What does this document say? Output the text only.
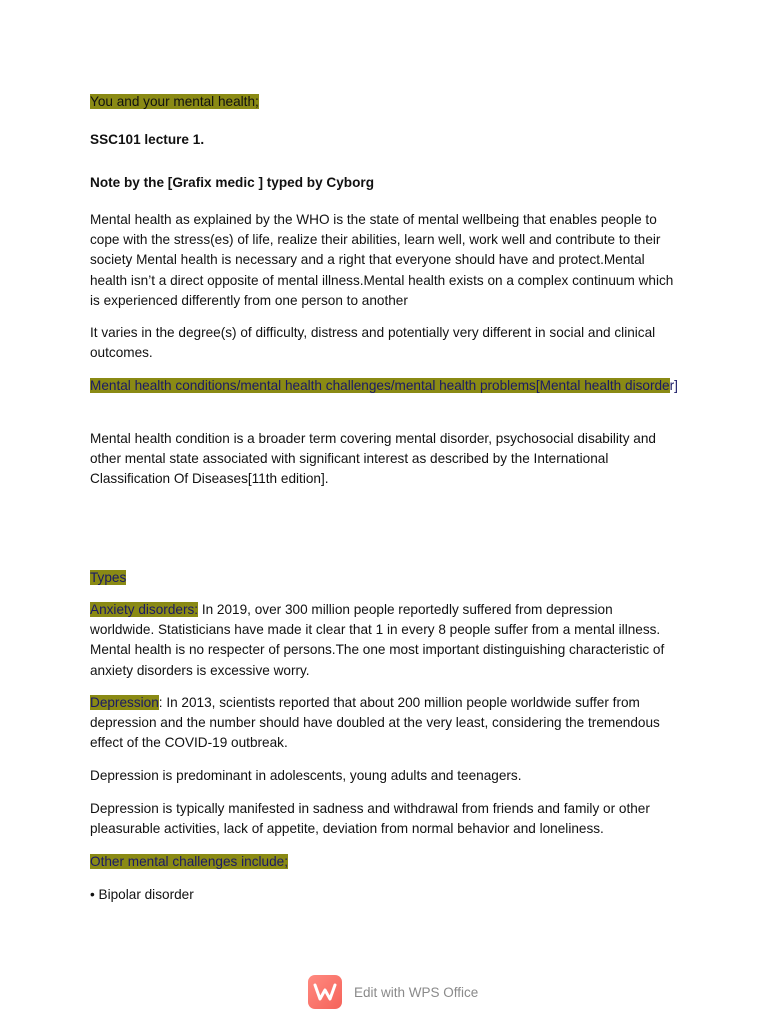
You and your mental health;
SSC101 lecture 1.
Note by the [Grafix medic ] typed by Cyborg
Mental health as explained by the WHO is the state of mental wellbeing that enables people to cope with the stress(es) of life, realize their abilities, learn well, work well and contribute to their society Mental health is necessary and a right that everyone should have and protect.Mental health isn’t a direct opposite of mental illness.Mental health exists on a complex continuum which is experienced differently from one person to another
It varies in the degree(s) of difficulty, distress and potentially very different in social and clinical outcomes.
Mental health conditions/mental health challenges/mental health problems[Mental health disorder]
Mental health condition is a broader term covering mental disorder, psychosocial disability and other mental state associated with significant interest as described by the International Classification Of Diseases[11th edition].
Types
Anxiety disorders: In 2019, over 300 million people reportedly suffered from depression worldwide. Statisticians have made it clear that 1 in every 8 people suffer from a mental illness. Mental health is no respecter of persons.The one most important distinguishing characteristic of anxiety disorders is excessive worry.
Depression: In 2013, scientists reported that about 200 million people worldwide suffer from depression and the number should have doubled at the very least, considering the tremendous effect of the COVID-19 outbreak.
Depression is predominant in adolescents, young adults and teenagers.
Depression is typically manifested in sadness and withdrawal from friends and family or other pleasurable activities, lack of appetite, deviation from normal behavior and loneliness.
Other mental challenges include;
• Bipolar disorder
Edit with WPS Office
